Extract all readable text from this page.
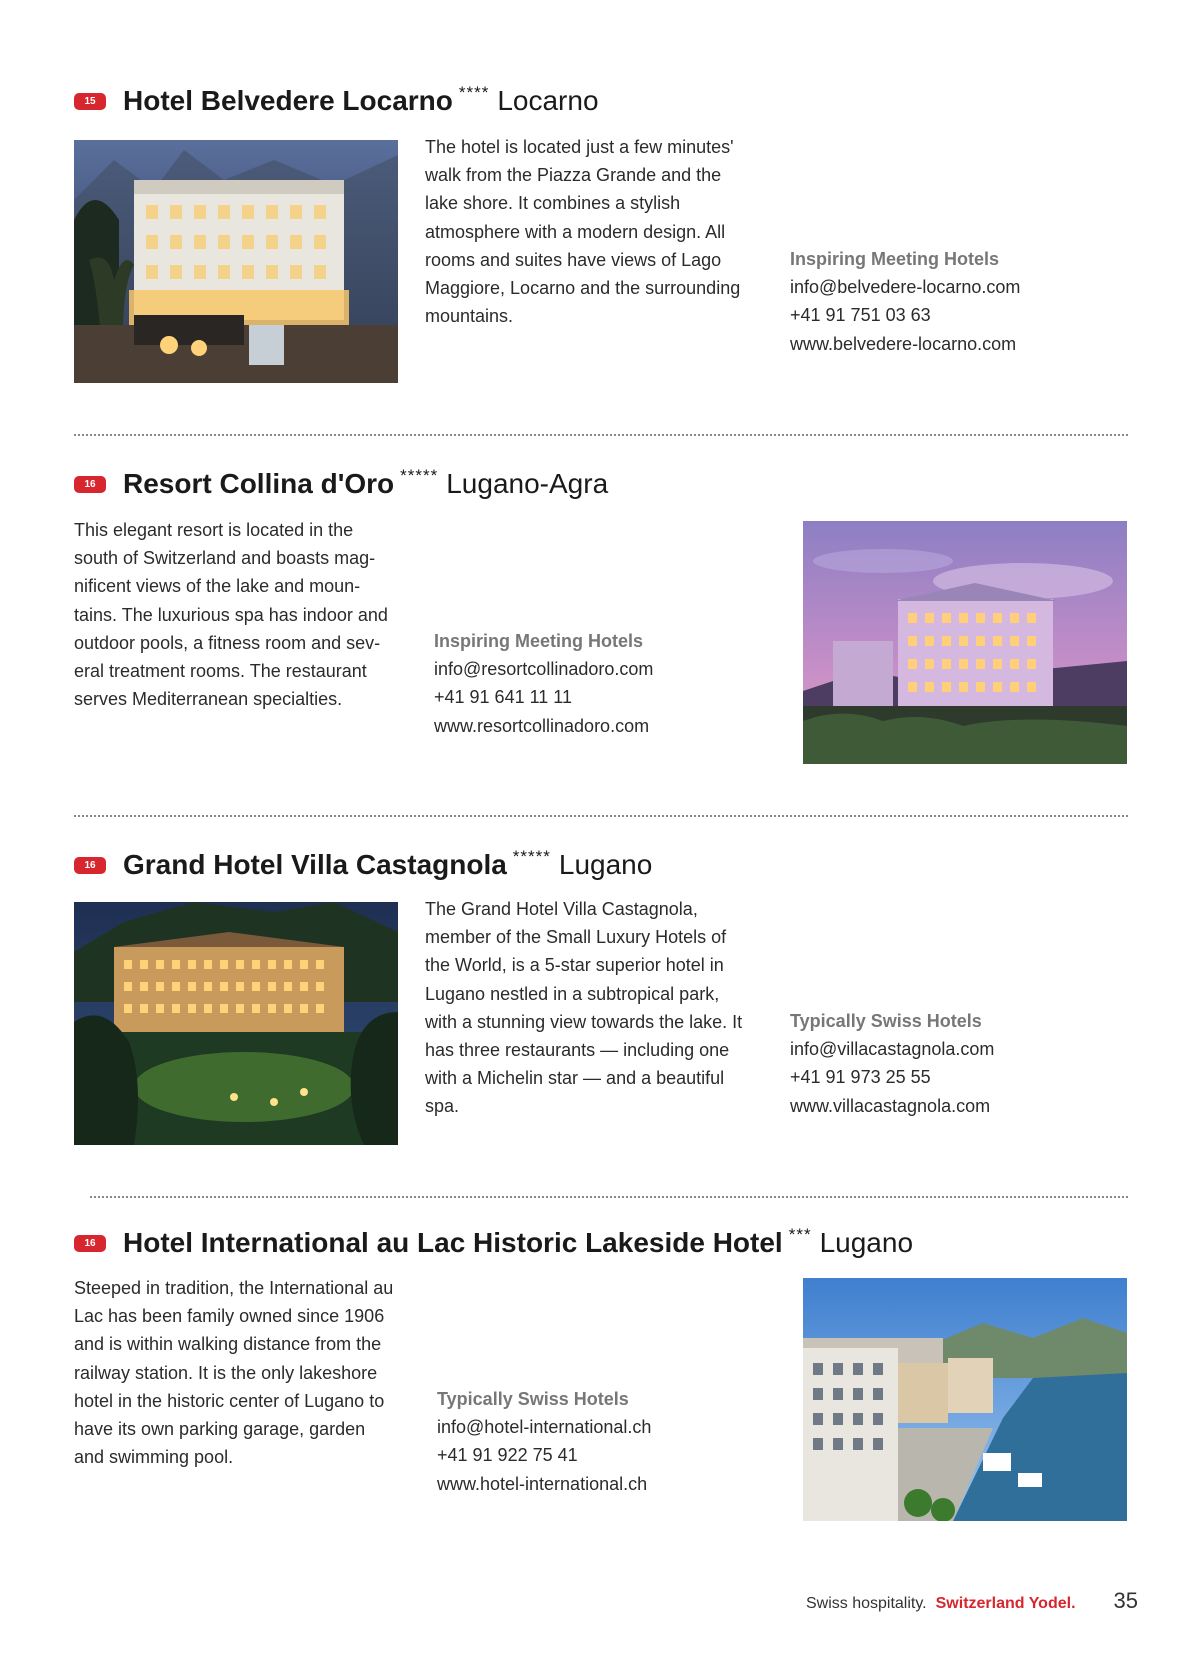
15 Hotel Belvedere Locarno **** Locarno
The hotel is located just a few minutes'
walk from the Piazza Grande and the
lake shore. It combines a stylish
atmosphere with a modern design. All
rooms and suites have views of Lago
Maggiore, Locarno and the surrounding
mountains.
Inspiring Meeting Hotels
info@belvedere-locarno.com
+41 91 751 03 63
www.belvedere-locarno.com
16 Resort Collina d'Oro ***** Lugano-Agra
This elegant resort is located in the
south of Switzerland and boasts mag-
nificent views of the lake and moun-
tains. The luxurious spa has indoor and
outdoor pools, a fitness room and sev-
eral treatment rooms. The restaurant
serves Mediterranean specialties.
Inspiring Meeting Hotels
info@resortcollinadoro.com
+41 91 641 11 11
www.resortcollinadoro.com
16 Grand Hotel Villa Castagnola ***** Lugano
The Grand Hotel Villa Castagnola,
member of the Small Luxury Hotels of
the World, is a 5-star superior hotel in
Lugano nestled in a subtropical park,
with a stunning view towards the lake. It
has three restaurants — including one
with a Michelin star — and a beautiful
spa.
Typically Swiss Hotels
info@villacastagnola.com
+41 91 973 25 55
www.villacastagnola.com
16 Hotel International au Lac Historic Lakeside Hotel *** Lugano
Steeped in tradition, the International au
Lac has been family owned since 1906
and is within walking distance from the
railway station. It is the only lakeshore
hotel in the historic center of Lugano to
have its own parking garage, garden
and swimming pool.
Typically Swiss Hotels
info@hotel-international.ch
+41 91 922 75 41
www.hotel-international.ch
Swiss hospitality. Switzerland Yodel. 35
